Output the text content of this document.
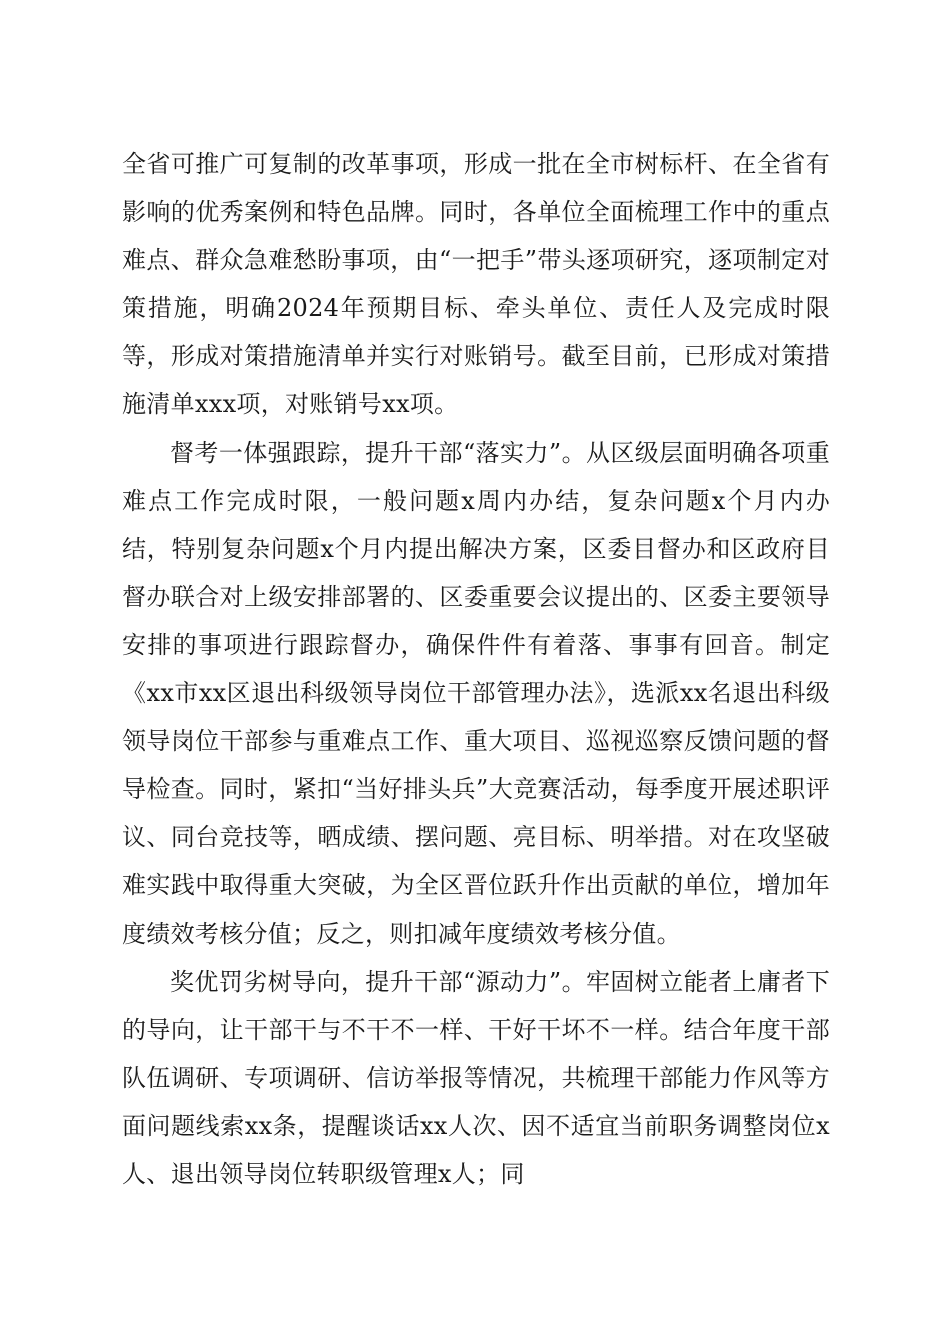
全省可推广可复制的改革事项，形成一批在全市树标杆、在全省有影响的优秀案例和特色品牌。同时，各单位全面梳理工作中的重点难点、群众急难愁盼事项，由“一把手”带头逐项研究，逐项制定对策措施，明确2024年预期目标、牵头单位、责任人及完成时限等，形成对策措施清单并实行对账销号。截至目前，已形成对策措施清单xxx项，对账销号xx项。

督考一体强跟踪，提升干部“落实力”。从区级层面明确各项重难点工作完成时限，一般问题x周内办结，复杂问题x个月内办结，特别复杂问题x个月内提出解决方案，区委目督办和区政府目督办联合对上级安排部署的、区委重要会议提出的、区委主要领导安排的事项进行跟踪督办，确保件件有着落、事事有回音。制定《xx市xx区退出科级领导岗位干部管理办法》，选派xx名退出科级领导岗位干部参与重难点工作、重大项目、巡视巡察反馈问题的督导检查。同时，紧扣“当好排头兵”大竞赛活动，每季度开展述职评议、同台竞技等，晒成绩、摆问题、亮目标、明举措。对在攻坚破难实践中取得重大突破，为全区晋位跃升作出贡献的单位，增加年度绩效考核分值；反之，则扣减年度绩效考核分值。

奖优罚劣树导向，提升干部“源动力”。牢固树立能者上庸者下的导向，让干部干与不干不一样、干好干坏不一样。结合年度干部队伍调研、专项调研、信访举报等情况，共梳理干部能力作风等方面问题线索xx条，提醒谈话xx人次、因不适宜当前职务调整岗位x人、退出领导岗位转职级管理x人；同
